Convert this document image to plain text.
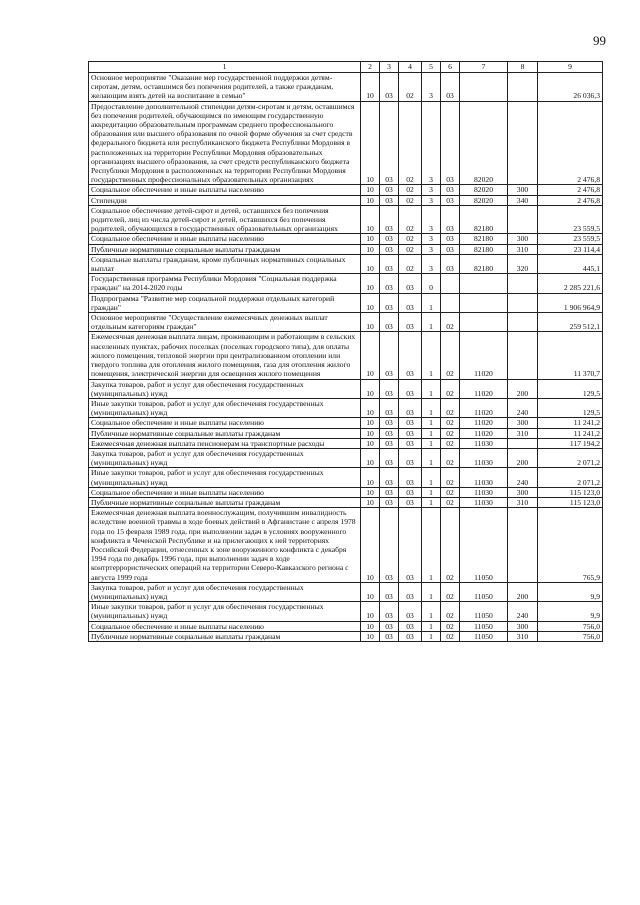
99
1	2	3	4	5	6	7	8	9
Основное мероприятие "Оказание мер государственной поддержки детям-сиротам, детям, оставшимся без попечения родителей, а также гражданам, желающим взять детей на воспитание в семью"	10	03	02	3	03			26 036,3
Предоставление дополнительной стипендии детям-сиротам и детям, оставшимся без попечения родителей, обучающимся по имеющим государственную аккредитацию образовательным программам среднего профессионального образования или высшего образования по очной форме обучения за счет средств федерального бюджета или республиканского бюджета Республики Мордовия в расположенных на территории Республики Мордовия образовательных организациях высшего образования, за счет средств республиканского бюджета Республики Мордовия в расположенных на территории Республики Мордовия государственных профессиональных образовательных организациях	10	03	02	3	03	82020		2 476,8
Социальное обеспечение и иные выплаты населению	10	03	02	3	03	82020	300	2 476,8
Стипендии	10	03	02	3	03	82020	340	2 476,8
Социальное обеспечение детей-сирот и детей, оставшихся без попечения родителей, лиц из числа детей-сирот и детей, оставшихся без попечения родителей, обучающихся в государственных образовательных организациях	10	03	02	3	03	82180		23 559,5
Социальное обеспечение и иные выплаты населению	10	03	02	3	03	82180	300	23 559,5
Публичные нормативные социальные выплаты гражданам	10	03	02	3	03	82180	310	23 114,4
Социальные выплаты гражданам, кроме публичных нормативных социальных выплат	10	03	02	3	03	82180	320	445,1
Государственная программа Республики Мордовия "Социальная поддержка граждан" на 2014-2020 годы	10	03	03	0				2 285 221,6
Подпрограмма "Развитие мер социальной поддержки отдельных категорий граждан"	10	03	03	1				1 906 964,9
Основное мероприятие "Осуществление ежемесячных денежных выплат отдельным категориям граждан"	10	03	03	1	02			259 512,1
Ежемесячная денежная выплата лицам, проживающим и работающим в сельских населенных пунктах, рабочих поселках (поселках городского типа), для оплаты жилого помещения, тепловой энергии при централизованном отоплении или твердого топлива для отопления жилого помещения, газа для отопления жилого помещения, электрической энергии для освещения жилого помещения	10	03	03	1	02	11020		11 370,7
Закупка товаров, работ и услуг для обеспечения государственных (муниципальных) нужд	10	03	03	1	02	11020	200	129,5
Иные закупки товаров, работ и услуг для обеспечения государственных (муниципальных) нужд	10	03	03	1	02	11020	240	129,5
Социальное обеспечение и иные выплаты населению	10	03	03	1	02	11020	300	11 241,2
Публичные нормативные социальные выплаты гражданам	10	03	03	1	02	11020	310	11 241,2
Ежемесячная денежная выплата пенсионерам на транспортные расходы	10	03	03	1	02	11030		117 194,2
Закупка товаров, работ и услуг для обеспечения государственных (муниципальных) нужд	10	03	03	1	02	11030	200	2 071,2
Иные закупки товаров, работ и услуг для обеспечения государственных (муниципальных) нужд	10	03	03	1	02	11030	240	2 071,2
Социальное обеспечение и иные выплаты населению	10	03	03	1	02	11030	300	115 123,0
Публичные нормативные социальные выплаты гражданам	10	03	03	1	02	11030	310	115 123,0
Ежемесячная денежная выплата военнослужащим, получившим инвалидность вследствие военной травмы в ходе боевых действий в Афганистане с апреля 1978 года по 15 февраля 1989 года, при выполнении задач в условиях вооруженного конфликта в Чеченской Республике и на прилегающих к ней территориях Российской Федерации, отнесенных к зоне вооруженного конфликта с декабря 1994 года по декабрь 1996 года, при выполнении задач в ходе контртеррористических операций на территории Северо-Кавказского региона с августа 1999 года	10	03	03	1	02	11050		765,9
Закупка товаров, работ и услуг для обеспечения государственных (муниципальных) нужд	10	03	03	1	02	11050	200	9,9
Иные закупки товаров, работ и услуг для обеспечения государственных (муниципальных) нужд	10	03	03	1	02	11050	240	9,9
Социальное обеспечение и иные выплаты населению	10	03	03	1	02	11050	300	756,0
Публичные нормативные социальные выплаты гражданам	10	03	03	1	02	11050	310	756,0
